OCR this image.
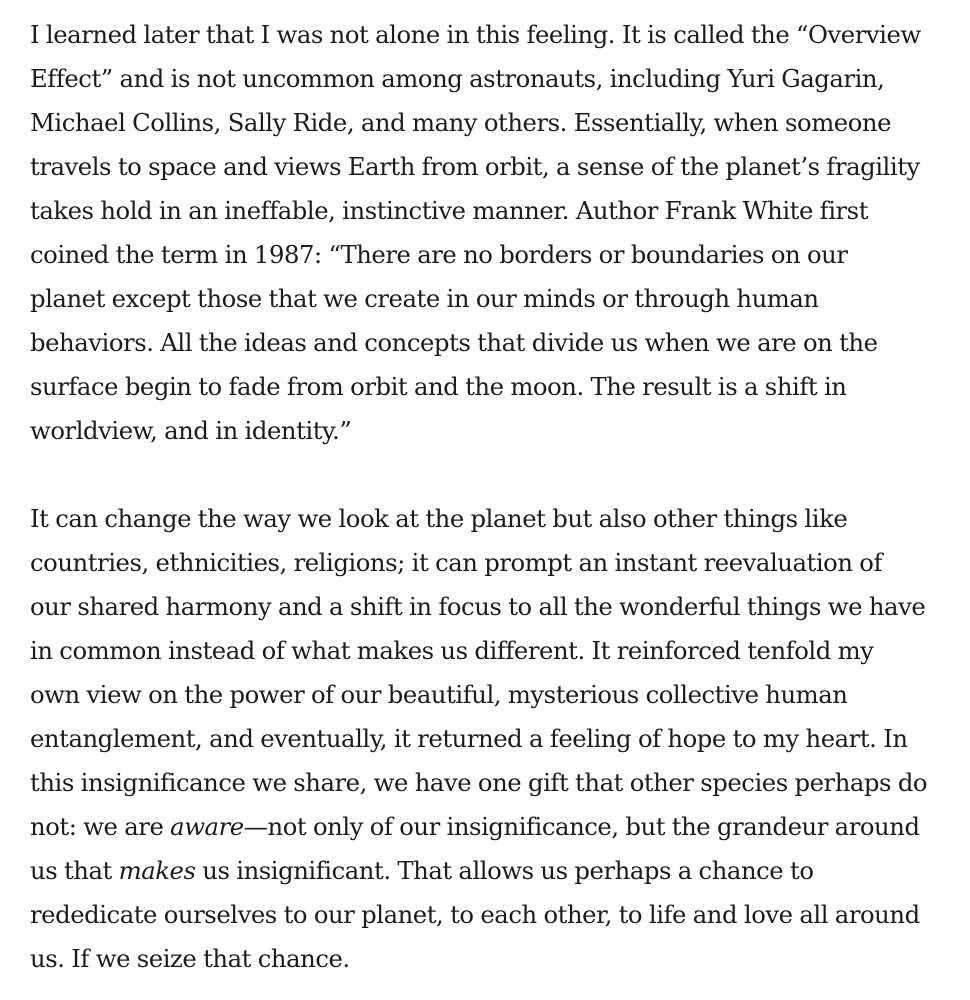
I learned later that I was not alone in this feeling. It is called the “Overview
Effect” and is not uncommon among astronauts, including Yuri Gagarin,
Michael Collins, Sally Ride, and many others. Essentially, when someone
travels to space and views Earth from orbit, a sense of the planet’s fragility
takes hold in an ineffable, instinctive manner. Author Frank White first
coined the term in 1987: “There are no borders or boundaries on our
planet except those that we create in our minds or through human
behaviors. All the ideas and concepts that divide us when we are on the
surface begin to fade from orbit and the moon. The result is a shift in
worldview, and in identity.”

It can change the way we look at the planet but also other things like
countries, ethnicities, religions; it can prompt an instant reevaluation of
our shared harmony and a shift in focus to all the wonderful things we have
in common instead of what makes us different. It reinforced tenfold my
own view on the power of our beautiful, mysterious collective human
entanglement, and eventually, it returned a feeling of hope to my heart. In
this insignificance we share, we have one gift that other species perhaps do
not: we are aware—not only of our insignificance, but the grandeur around
us that makes us insignificant. That allows us perhaps a chance to
rededicate ourselves to our planet, to each other, to life and love all around
us. If we seize that chance.
